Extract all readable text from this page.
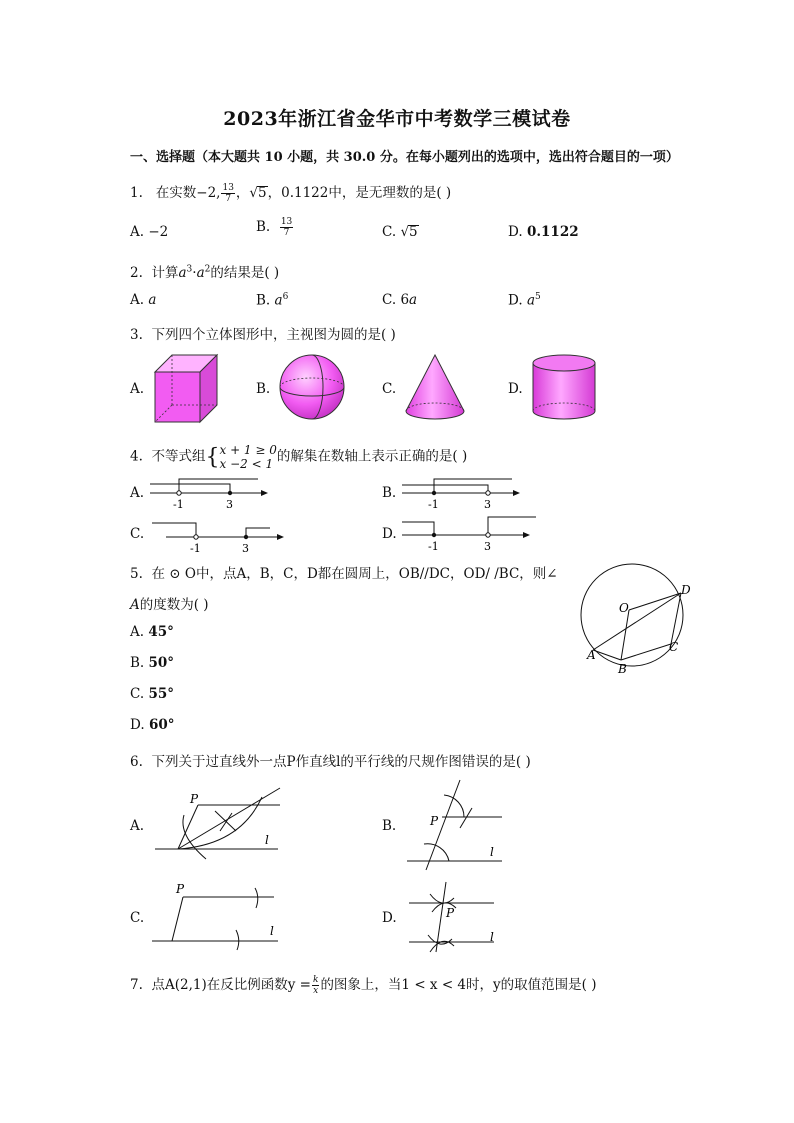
2023年浙江省金华市中考数学三模试卷
一、选择题（本大题共 10 小题，共 30.0 分。在每小题列出的选项中，选出符合题目的一项）
1. 在实数−2, $\frac{13}{7}$ ，√5，0.1122中，是无理数的是( )
A. −2	B. $\frac{13}{7}$	C. √5	D. 0.1122
2. 计算$a^3\cdot a^2$的结果是( )
A. a	B. $a^6$	C. 6a	D. $a^5$
3. 下列四个立体图形中，主视图为圆的是( )
A.	B.	C.	D.
4. 不等式组{ x + 1 ≥ 0
x −2 < 1 的解集在数轴上表示正确的是( )
A.	B.
C.	D.
-1	3	-1	3
-1	3	-1	3
5. 在 ⊙ O中，点A，B，C，D都在圆周上，OB//DC，OD/ /BC，则∠
A的度数为( )
A. 45°
B. 50°
C. 55°
D. 60°
O
D
C
B
A
6. 下列关于过直线外一点P作直线l的平行线的尺规作图错误的是( )
A.	B.
C.	D.
P
l
P
l
P
l
P
l
7. 点A(2,1)在反比例函数$y = \frac{k}{x}$ 的图象上，当1 < x < 4时，y的取值范围是( )
